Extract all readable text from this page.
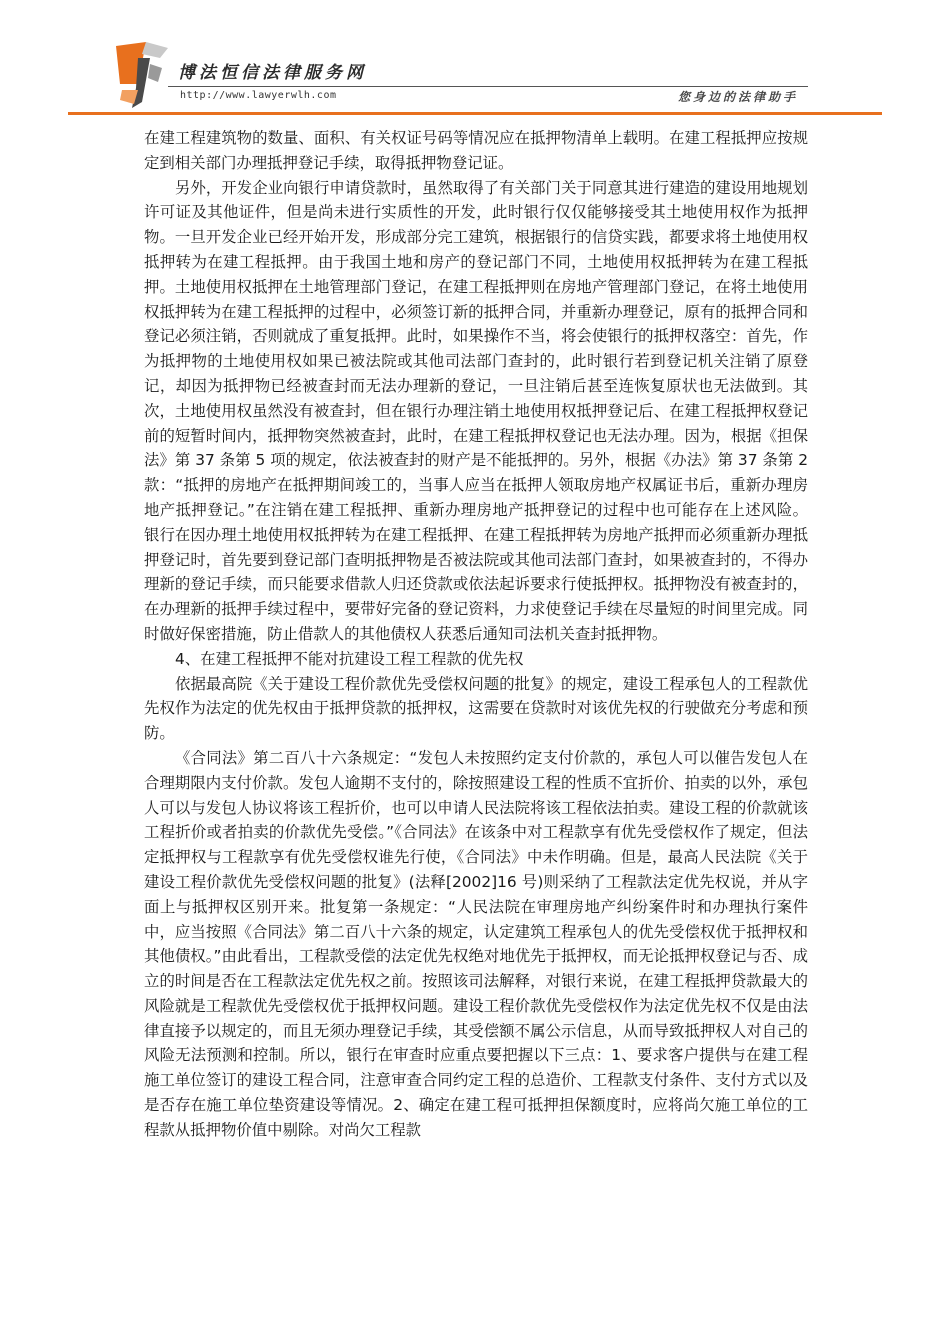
博法恒信法律服务网
http://www.lawyerwlh.com	您身边的法律助手

在建工程建筑物的数量、面积、有关权证号码等情况应在抵押物清单上载明。在建工程抵押应按规定到相关部门办理抵押登记手续，取得抵押物登记证。

另外，开发企业向银行申请贷款时，虽然取得了有关部门关于同意其进行建造的建设用地规划许可证及其他证件，但是尚未进行实质性的开发，此时银行仅仅能够接受其土地使用权作为抵押物。一旦开发企业已经开始开发，形成部分完工建筑，根据银行的信贷实践，都要求将土地使用权抵押转为在建工程抵押。由于我国土地和房产的登记部门不同，土地使用权抵押转为在建工程抵押。土地使用权抵押在土地管理部门登记，在建工程抵押则在房地产管理部门登记，在将土地使用权抵押转为在建工程抵押的过程中，必须签订新的抵押合同，并重新办理登记，原有的抵押合同和登记必须注销，否则就成了重复抵押。此时，如果操作不当，将会使银行的抵押权落空：首先，作为抵押物的土地使用权如果已被法院或其他司法部门查封的，此时银行若到登记机关注销了原登记，却因为抵押物已经被查封而无法办理新的登记，一旦注销后甚至连恢复原状也无法做到。其次，土地使用权虽然没有被查封，但在银行办理注销土地使用权抵押登记后、在建工程抵押权登记前的短暂时间内，抵押物突然被查封，此时，在建工程抵押权登记也无法办理。因为，根据《担保法》第 37 条第 5 项的规定，依法被查封的财产是不能抵押的。另外，根据《办法》第 37 条第 2 款：“抵押的房地产在抵押期间竣工的，当事人应当在抵押人领取房地产权属证书后，重新办理房地产抵押登记。”在注销在建工程抵押、重新办理房地产抵押登记的过程中也可能存在上述风险。 银行在因办理土地使用权抵押转为在建工程抵押、在建工程抵押转为房地产抵押而必须重新办理抵押登记时，首先要到登记部门查明抵押物是否被法院或其他司法部门查封，如果被查封的，不得办理新的登记手续，而只能要求借款人归还贷款或依法起诉要求行使抵押权。抵押物没有被查封的，在办理新的抵押手续过程中，要带好完备的登记资料，力求使登记手续在尽量短的时间里完成。同时做好保密措施，防止借款人的其他债权人获悉后通知司法机关查封抵押物。

4、在建工程抵押不能对抗建设工程工程款的优先权

依据最高院《关于建设工程价款优先受偿权问题的批复》的规定，建设工程承包人的工程款优先权作为法定的优先权由于抵押贷款的抵押权，这需要在贷款时对该优先权的行驶做充分考虑和预防。

《合同法》第二百八十六条规定：“发包人未按照约定支付价款的，承包人可以催告发包人在合理期限内支付价款。发包人逾期不支付的，除按照建设工程的性质不宜折价、拍卖的以外，承包人可以与发包人协议将该工程折价，也可以申请人民法院将该工程依法拍卖。建设工程的价款就该工程折价或者拍卖的价款优先受偿。”《合同法》在该条中对工程款享有优先受偿权作了规定，但法定抵押权与工程款享有优先受偿权谁先行使，《合同法》中未作明确。但是，最高人民法院《关于建设工程价款优先受偿权问题的批复》(法释[2002]16 号)则采纳了工程款法定优先权说，并从字面上与抵押权区别开来。批复第一条规定：“人民法院在审理房地产纠纷案件时和办理执行案件中，应当按照《合同法》第二百八十六条的规定，认定建筑工程承包人的优先受偿权优于抵押权和其他债权。”由此看出，工程款受偿的法定优先权绝对地优先于抵押权，而无论抵押权登记与否、成立的时间是否在工程款法定优先权之前。按照该司法解释，对银行来说，在建工程抵押贷款最大的风险就是工程款优先受偿权优于抵押权问题。建设工程价款优先受偿权作为法定优先权不仅是由法律直接予以规定的，而且无须办理登记手续，其受偿额不属公示信息，从而导致抵押权人对自己的风险无法预测和控制。所以，银行在审查时应重点要把握以下三点：1、要求客户提供与在建工程施工单位签订的建设工程合同，注意审查合同约定工程的总造价、工程款支付条件、支付方式以及是否存在施工单位垫资建设等情况。2、确定在建工程可抵押担保额度时，应将尚欠施工单位的工程款从抵押物价值中剔除。对尚欠工程款
